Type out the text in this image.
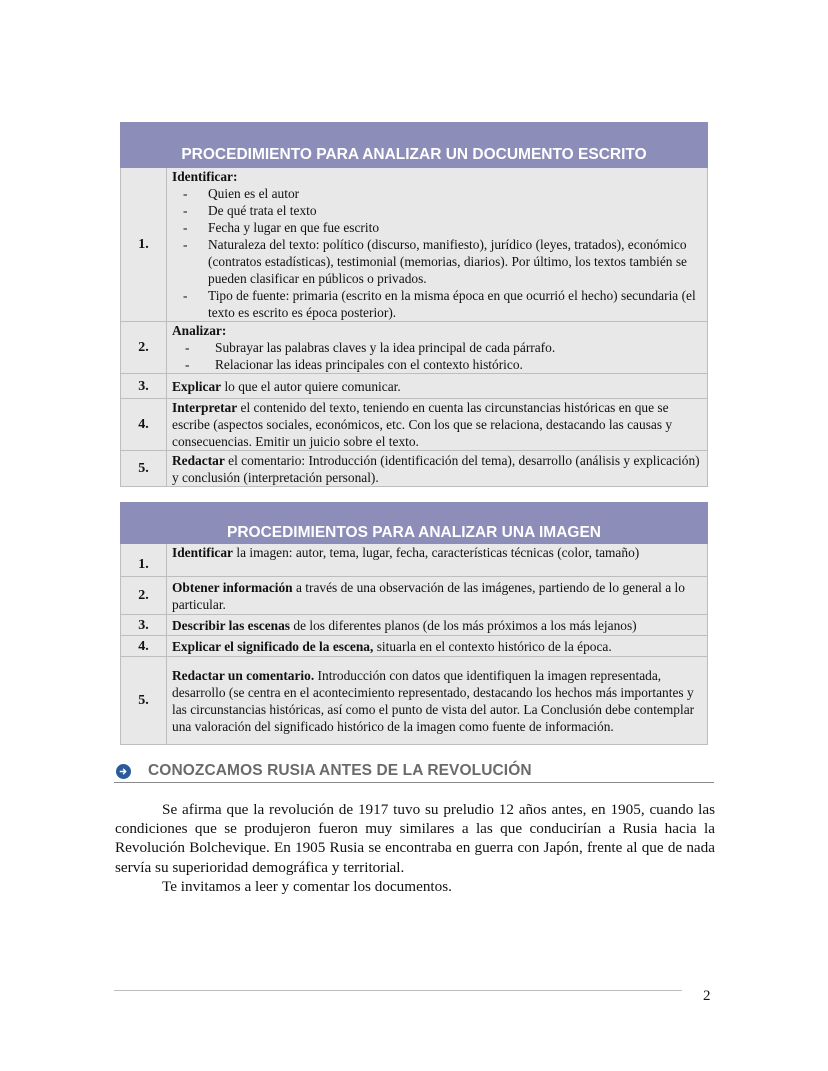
PROCEDIMIENTO PARA ANALIZAR UN DOCUMENTO ESCRITO	
1.	Identificar:
- Quien es el autor
- De qué trata el texto
- Fecha y lugar en que fue escrito
- Naturaleza del texto: político (discurso, manifiesto), jurídico (leyes, tratados), económico (contratos estadísticas), testimonial (memorias, diarios). Por último, los textos también se pueden clasificar en públicos o privados.
- Tipo de fuente: primaria (escrito en la misma época en que ocurrió el hecho) secundaria (el texto es escrito es época posterior).

2.	Analizar:
- Subrayar las palabras claves y la idea principal de cada párrafo.
- Relacionar las ideas principales con el contexto histórico.

3.	Explicar lo que el autor quiere comunicar.
4.	Interpretar el contenido del texto, teniendo en cuenta las circunstancias históricas en que se escribe (aspectos sociales, económicos, etc. Con los que se relaciona, destacando las causas y consecuencias. Emitir un juicio sobre el texto.
5.	Redactar el comentario: Introducción (identificación del tema), desarrollo (análisis y explicación) y conclusión (interpretación personal).
PROCEDIMIENTOS PARA ANALIZAR UNA IMAGEN	
1.	Identificar la imagen: autor, tema, lugar, fecha, características técnicas (color, tamaño)
2.	Obtener información a través de una observación de las imágenes, partiendo de lo general a lo particular.
3.	Describir las escenas de los diferentes planos (de los más próximos a los más lejanos)
4.	Explicar el significado de la escena, situarla en el contexto histórico de la época.
5.	Redactar un comentario. Introducción con datos que identifiquen la imagen representada, desarrollo (se centra en el acontecimiento representado, destacando los hechos más importantes y las circunstancias históricas, así como el punto de vista del autor. La Conclusión debe contemplar una valoración del significado histórico de la imagen como fuente de información.
CONOZCAMOS RUSIA ANTES DE LA REVOLUCIÓN

Se afirma que la revolución de 1917 tuvo su preludio 12 años antes, en 1905, cuando las condiciones que se produjeron fueron muy similares a las que conducirían a Rusia hacia la Revolución Bolchevique. En 1905 Rusia se encontraba en guerra con Japón, frente al que de nada servía su superioridad demográfica y territorial.

Te invitamos a leer y comentar los documentos.

2
